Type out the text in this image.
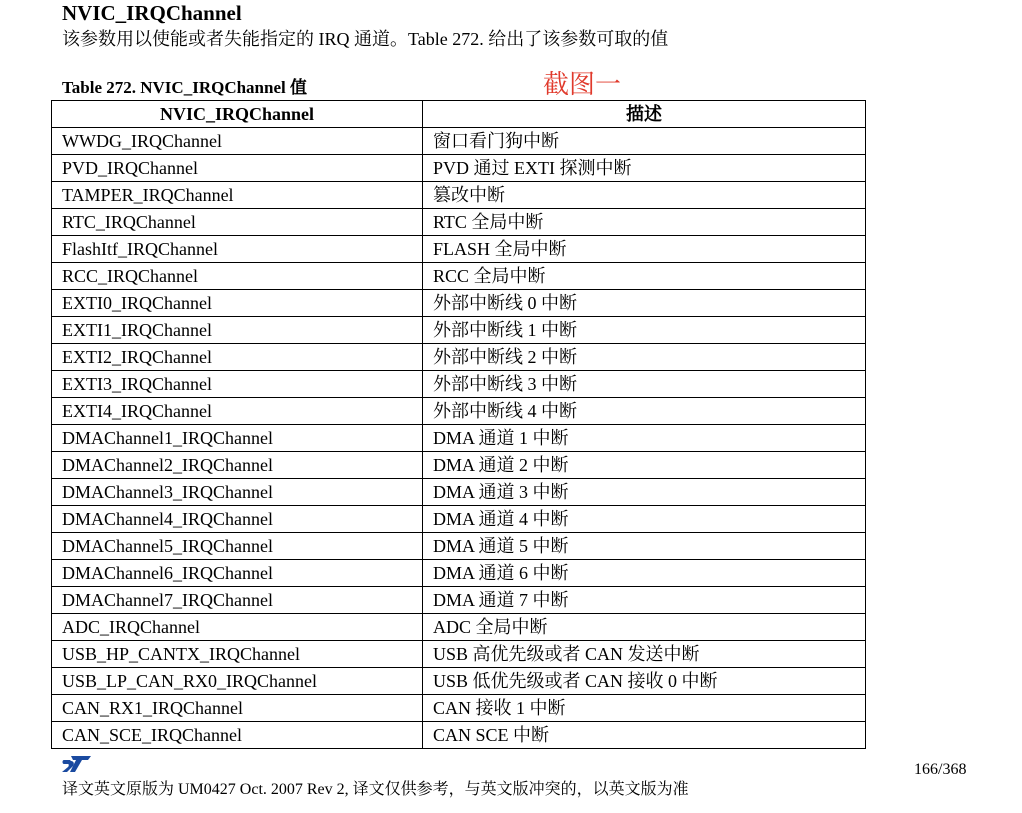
NVIC_IRQChannel
该参数用以使能或者失能指定的 IRQ 通道。Table 272. 给出了该参数可取的值
Table 272. NVIC_IRQChannel 值	截图一
NVIC_IRQChannel	描述
WWDG_IRQChannel	窗口看门狗中断
PVD_IRQChannel	PVD 通过 EXTI 探测中断
TAMPER_IRQChannel	篡改中断
RTC_IRQChannel	RTC 全局中断
FlashItf_IRQChannel	FLASH 全局中断
RCC_IRQChannel	RCC 全局中断
EXTI0_IRQChannel	外部中断线 0 中断
EXTI1_IRQChannel	外部中断线 1 中断
EXTI2_IRQChannel	外部中断线 2 中断
EXTI3_IRQChannel	外部中断线 3 中断
EXTI4_IRQChannel	外部中断线 4 中断
DMAChannel1_IRQChannel	DMA 通道 1 中断
DMAChannel2_IRQChannel	DMA 通道 2 中断
DMAChannel3_IRQChannel	DMA 通道 3 中断
DMAChannel4_IRQChannel	DMA 通道 4 中断
DMAChannel5_IRQChannel	DMA 通道 5 中断
DMAChannel6_IRQChannel	DMA 通道 6 中断
DMAChannel7_IRQChannel	DMA 通道 7 中断
ADC_IRQChannel	ADC 全局中断
USB_HP_CANTX_IRQChannel	USB 高优先级或者 CAN 发送中断
USB_LP_CAN_RX0_IRQChannel	USB 低优先级或者 CAN 接收 0 中断
CAN_RX1_IRQChannel	CAN 接收 1 中断
CAN_SCE_IRQChannel	CAN SCE 中断
166/368
译文英文原版为 UM0427 Oct. 2007 Rev 2, 译文仅供参考，与英文版冲突的，以英文版为准
